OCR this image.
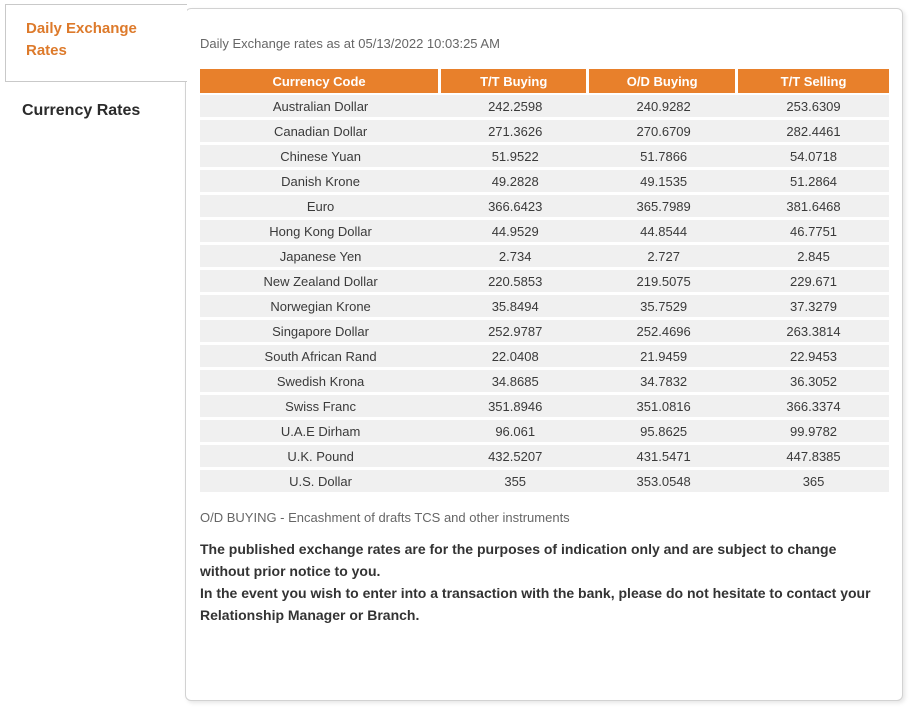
Daily Exchange rates as at 05/13/2022 10:03:25 AM
Currency Code	T/T Buying	O/D Buying	T/T Selling
Australian Dollar	242.2598	240.9282	253.6309
Canadian Dollar	271.3626	270.6709	282.4461
Chinese Yuan	51.9522	51.7866	54.0718
Danish Krone	49.2828	49.1535	51.2864
Euro	366.6423	365.7989	381.6468
Hong Kong Dollar	44.9529	44.8544	46.7751
Japanese Yen	2.734	2.727	2.845
New Zealand Dollar	220.5853	219.5075	229.671
Norwegian Krone	35.8494	35.7529	37.3279
Singapore Dollar	252.9787	252.4696	263.3814
South African Rand	22.0408	21.9459	22.9453
Swedish Krona	34.8685	34.7832	36.3052
Swiss Franc	351.8946	351.0816	366.3374
U.A.E Dirham	96.061	95.8625	99.9782
U.K. Pound	432.5207	431.5471	447.8385
U.S. Dollar	355	353.0548	365
O/D BUYING - Encashment of drafts TCS and other instruments
The published exchange rates are for the purposes of indication only and are subject to change without prior notice to you.
In the event you wish to enter into a transaction with the bank, please do not hesitate to contact your Relationship Manager or Branch.
Daily Exchange Rates
Currency Rates
